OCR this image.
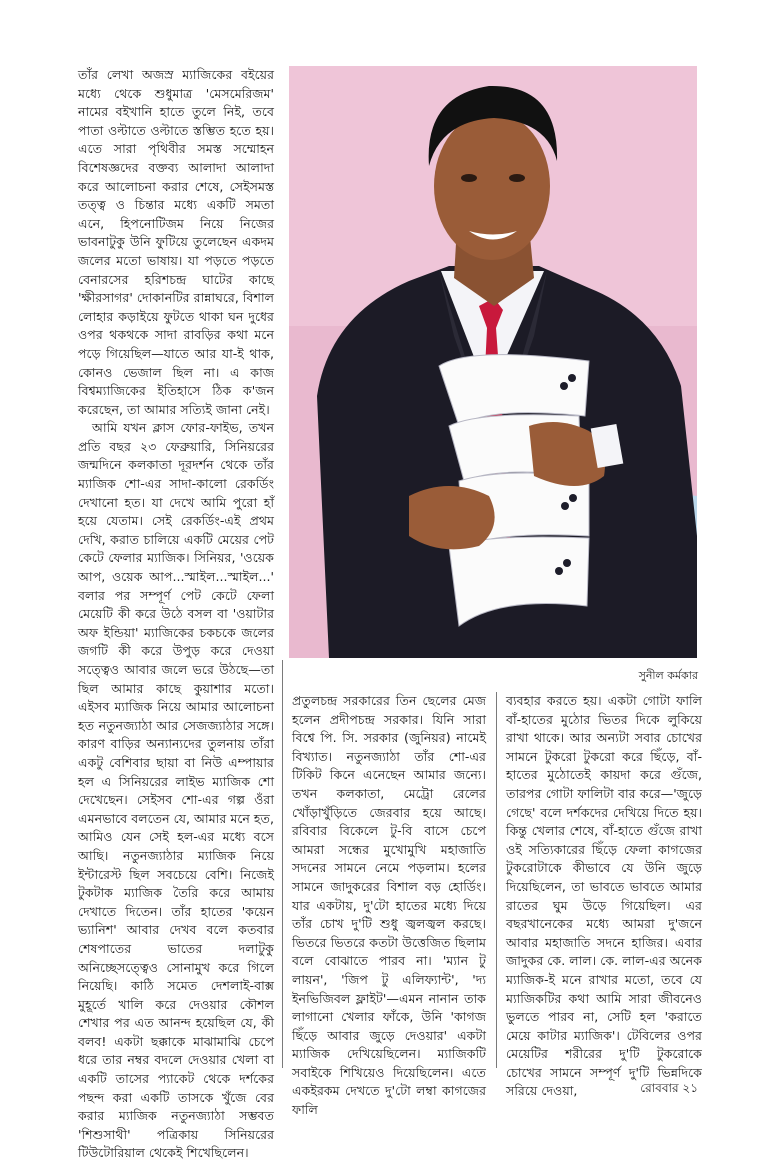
তাঁর লেখা অজস্র ম্যাজিকের বইয়ের মধ্যে থেকে শুধুমাত্র 'মেসমেরিজম' নামের বইখানি হাতে তুলে নিই, তবে পাতা ওল্টাতে ওল্টাতে স্তম্ভিত হতে হয়। এতে সারা পৃথিবীর সমস্ত সম্মোহন বিশেষজ্ঞদের বক্তব্য আলাদা আলাদা করে আলোচনা করার শেষে, সেইসমস্ত তত্ত্ব ও চিন্তার মধ্যে একটি সমতা এনে, হিপনোটিজম নিয়ে নিজের ভাবনাটুকু উনি ফুটিয়ে তুলেছেন একদম জলের মতো ভাষায়। যা পড়তে পড়তে বেনারসের হরিশচন্দ্র ঘাটের কাছে 'ক্ষীরসাগর' দোকানটির রান্নাঘরে, বিশাল লোহার কড়াইয়ে ফুটতে থাকা ঘন দুধের ওপর থকথকে সাদা রাবড়ির কথা মনে পড়ে গিয়েছিল—যাতে আর যা-ই থাক, কোনও ভেজাল ছিল না। এ কাজ বিশ্বম্যাজিকের ইতিহাসে ঠিক ক'জন করেছেন, তা আমার সত্যিই জানা নেই।

আমি যখন ক্লাস ফোর-ফাইভ, তখন প্রতি বছর ২৩ ফেব্রুয়ারি, সিনিয়রের জন্মদিনে কলকাতা দূরদর্শন থেকে তাঁর ম্যাজিক শো-এর সাদা-কালো রেকর্ডিং দেখানো হত। যা দেখে আমি পুরো হাঁ হয়ে যেতাম। সেই রেকর্ডিং-এই প্রথম দেখি, করাত চালিয়ে একটি মেয়ের পেট কেটে ফেলার ম্যাজিক। সিনিয়র, 'ওয়েক আপ, ওয়েক আপ...স্মাইল...স্মাইল...' বলার পর সম্পূর্ণ পেট কেটে ফেলা মেয়েটি কী করে উঠে বসল বা 'ওয়াটার অফ ইন্ডিয়া' ম্যাজিকের চকচকে জলের জগটি কী করে উপুড় করে দেওয়া সত্ত্বেও আবার জলে ভরে উঠছে—তা ছিল আমার কাছে কুয়াশার মতো। এইসব ম্যাজিক নিয়ে আমার আলোচনা হত নতুনজ্যাঠা আর সেজজ্যাঠার সঙ্গে। কারণ বাড়ির অন্যান্যদের তুলনায় তাঁরা একটু বেশিবার ছায়া বা নিউ এম্পায়ার হল এ সিনিয়রের লাইভ ম্যাজিক শো দেখেছেন। সেইসব শো-এর গল্প ওঁরা এমনভাবে বলতেন যে, আমার মনে হত, আমিও যেন সেই হল-এর মধ্যে বসে আছি। নতুনজ্যাঠার ম্যাজিক নিয়ে ইন্টারেস্ট ছিল সবচেয়ে বেশি। নিজেই টুকটাক ম্যাজিক তৈরি করে আমায় দেখাতে দিতেন। তাঁর হাতের 'কয়েন ভ্যানিশ' আবার দেখব বলে কতবার শেষপাতের ভাতের দলাটুকু অনিচ্ছেসত্ত্বেও সোনামুখ করে গিলে নিয়েছি। কাঠি সমেত দেশলাই-বাক্স মুহূর্তে খালি করে দেওয়ার কৌশল শেখার পর এত আনন্দ হয়েছিল যে, কী বলব! একটা ছক্কাকে মাঝামাঝি চেপে ধরে তার নম্বর বদলে দেওয়ার খেলা বা একটি তাসের প্যাকেট থেকে দর্শকের পছন্দ করা একটি তাসকে খুঁজে বের করার ম্যাজিক নতুনজ্যাঠা সম্ভবত 'শিশুসাথী' পত্রিকায় সিনিয়রের টিউটোরিয়াল থেকেই শিখেছিলেন।

সুনীল কর্মকার

প্রতুলচন্দ্র সরকারের তিন ছেলের মেজ হলেন প্রদীপচন্দ্র সরকার। যিনি সারা বিশ্বে পি. সি. সরকার (জুনিয়র) নামেই বিখ্যাত। নতুনজ্যাঠা তাঁর শো-এর টিকিট কিনে এনেছেন আমার জন্যে। তখন কলকাতা, মেট্রো রেলের খোঁড়াখুঁড়িতে জেরবার হয়ে আছে। রবিবার বিকেলে টু-বি বাসে চেপে আমরা সন্ধের মুখোমুখি মহাজাতি সদনের সামনে নেমে পড়লাম। হলের সামনে জাদুকরের বিশাল বড় হোর্ডিং। যার একটায়, দু'টো হাতের মধ্যে দিয়ে তাঁর চোখ দু'টি শুধু জ্বলজ্বল করছে। ভিতরে ভিতরে কতটা উত্তেজিত ছিলাম বলে বোঝাতে পারব না। 'ম্যান টু লায়ন', 'জিপ টু এলিফ্যান্ট', 'দ্য ইনভিজিবল ফ্লাইট'—এমন নানান তাক লাগানো খেলার ফাঁকে, উনি 'কাগজ ছিঁড়ে আবার জুড়ে দেওয়ার' একটা ম্যাজিক দেখিয়েছিলেন। ম্যাজিকটি সবাইকে শিখিয়েও দিয়েছিলেন। এতে একইরকম দেখতে দু'টো লম্বা কাগজের ফালি

ব্যবহার করতে হয়। একটা গোটা ফালি বাঁ-হাতের মুঠোর ভিতর দিকে লুকিয়ে রাখা থাকে। আর অন্যটা সবার চোখের সামনে টুকরো টুকরো করে ছিঁড়ে, বাঁ-হাতের মুঠোতেই কায়দা করে গুঁজে, তারপর গোটা ফালিটা বার করে—'জুড়ে গেছে' বলে দর্শকদের দেখিয়ে দিতে হয়। কিন্তু খেলার শেষে, বাঁ-হাতে গুঁজে রাখা ওই সত্যিকারের ছিঁড়ে ফেলা কাগজের টুকরোটাকে কীভাবে যে উনি জুড়ে দিয়েছিলেন, তা ভাবতে ভাবতে আমার রাতের ঘুম উড়ে গিয়েছিল। এর বছরখানেকের মধ্যে আমরা দু'জনে আবার মহাজাতি সদনে হাজির। এবার জাদুকর কে. লাল। কে. লাল-এর অনেক ম্যাজিক-ই মনে রাখার মতো, তবে যে ম্যাজিকটির কথা আমি সারা জীবনেও ভুলতে পারব না, সেটি হল 'করাতে মেয়ে কাটার ম্যাজিক'। টেবিলের ওপর মেয়েটির শরীরের দু'টি টুকরোকে চোখের সামনে সম্পূর্ণ দু'টি ভিন্নদিকে সরিয়ে দেওয়া,	রোববার ২১
